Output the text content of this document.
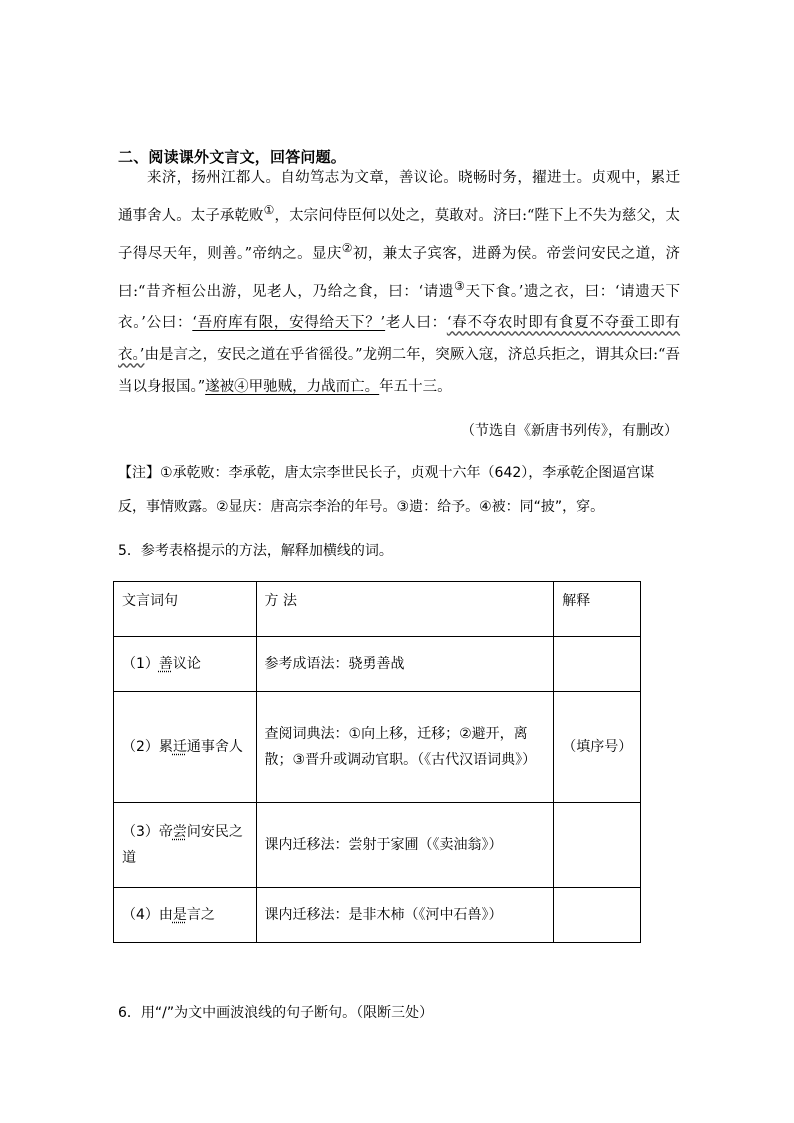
二、阅读课外文言文，回答问题。

来济，扬州江都人。自幼笃志为文章，善议论。晓畅时务，擢进士。贞观中，累迁通事舍人。太子承乾败①，太宗问侍臣何以处之，莫敢对。济曰:“陛下上不失为慈父，太子得尽天年，则善。”帝纳之。显庆②初，兼太子宾客，进爵为侯。帝尝问安民之道，济曰:“昔齐桓公出游，见老人，乃给之食，曰：‘请遗③天下食。’遗之衣，曰：‘请遗天下衣。’公曰：‘吾府库有限，安得给天下？’老人曰：‘春不夺农时即有食夏不夺蚕工即有衣。’由是言之，安民之道在乎省徭役。”龙朔二年，突厥入寇，济总兵拒之，谓其众曰:“吾当以身报国。”遂被④甲驰贼，力战而亡。年五十三。

（节选自《新唐书列传》，有删改）
【注】①承乾败：李承乾，唐太宗李世民长子，贞观十六年（642），李承乾企图逼宫谋反，事情败露。②显庆：唐高宗李治的年号。③遗：给予。④被：同“披”，穿。
5．参考表格提示的方法，解释加横线的词。
文言词句	方 法	解释
（1）善议论	参考成语法：骁勇善战	
（2）累迁通事舍人	查阅词典法：①向上移，迁移；②避开，离散；③晋升或调动官职。（《古代汉语词典》）	（填序号）
（3）帝尝问安民之道	课内迁移法：尝射于家圃（《卖油翁》）	
（4）由是言之	课内迁移法：是非木柿（《河中石兽》）	
6．用“/”为文中画波浪线的句子断句。（限断三处）
